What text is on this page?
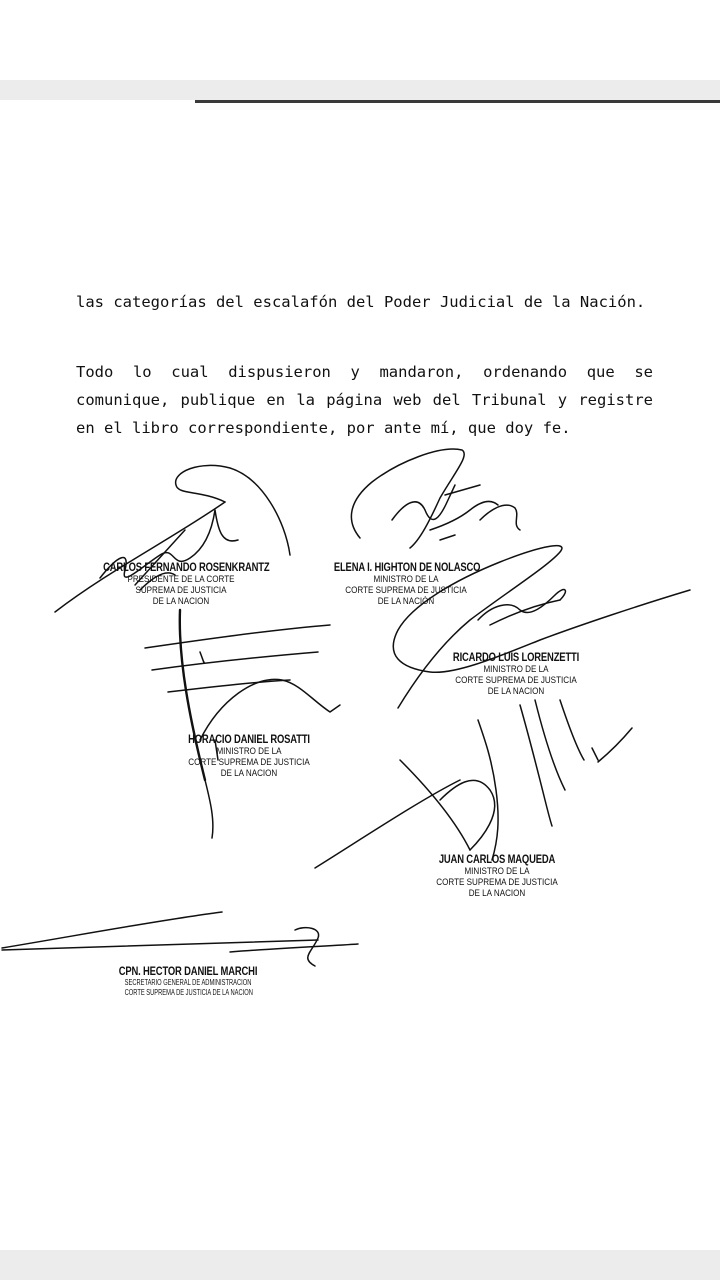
las categorías del escalafón del Poder Judicial de la Nación.

Todo lo cual dispusieron y mandaron, ordenando que se comunique, publique en la página web del Tribunal y registre en el libro correspondiente, por ante mí, que doy fe.

CARLOS FERNANDO ROSENKRANTZ
PRESIDENTE DE LA CORTE
SUPREMA DE JUSTICIA
DE LA NACION
ELENA I. HIGHTON DE NOLASCO
MINISTRO DE LA
CORTE SUPREMA DE JUSTICIA
DE LA NACIÓN
RICARDO LUIS LORENZETTI
MINISTRO DE LA
CORTE SUPREMA DE JUSTICIA
DE LA NACION
HORACIO DANIEL ROSATTI
MINISTRO DE LA
CORTE SUPREMA DE JUSTICIA
DE LA NACION
JUAN CARLOS MAQUEDA
MINISTRO DE LA
CORTE SUPREMA DE JUSTICIA
DE LA NACION
CPN. HECTOR DANIEL MARCHI
SECRETARIO GENERAL DE ADMINISTRACION
CORTE SUPREMA DE JUSTICIA DE LA NACION
